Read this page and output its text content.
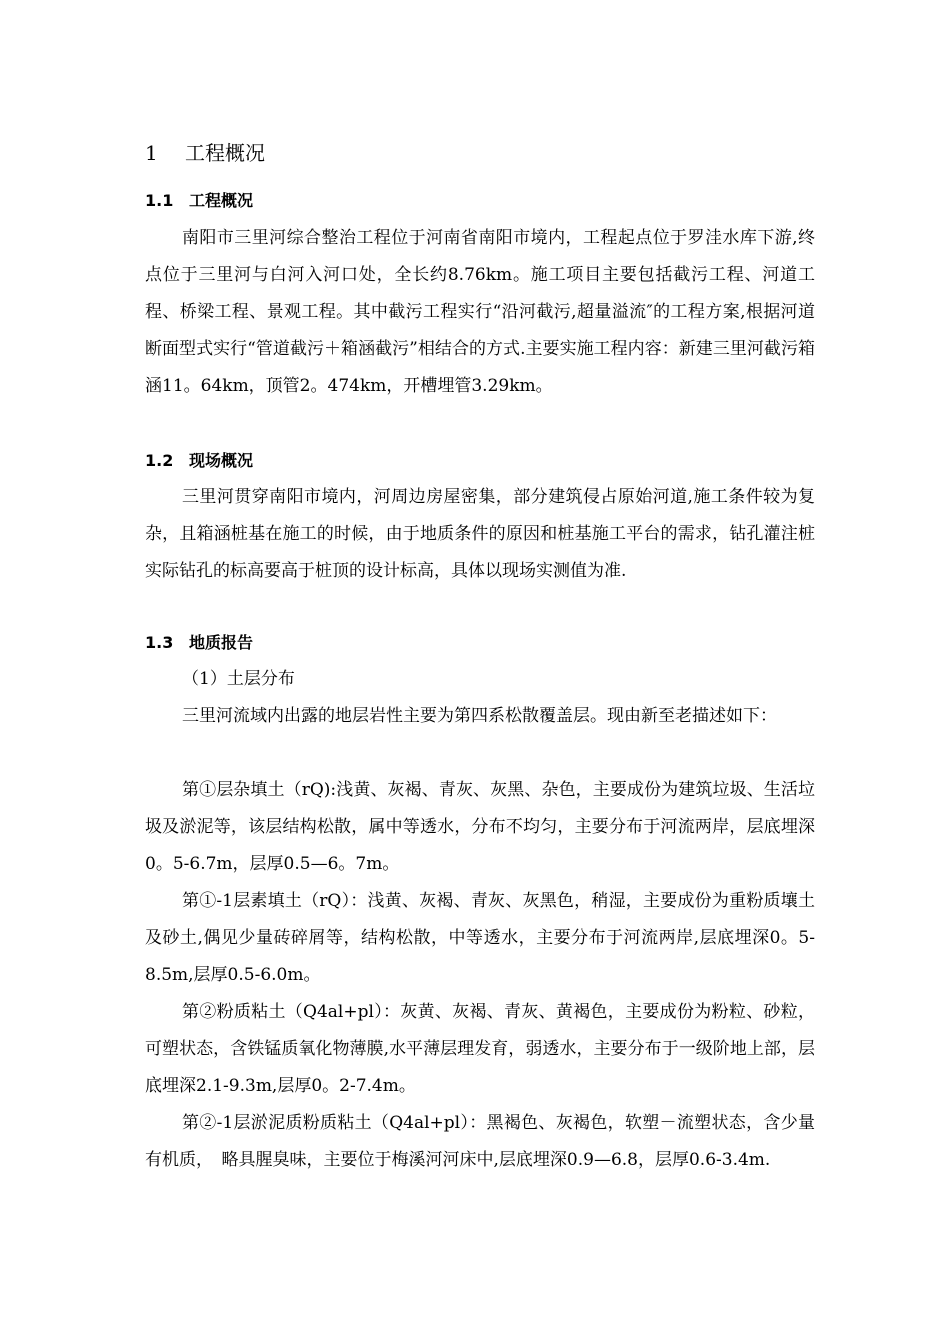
1 工程概况
1.1 工程概况

南阳市三里河综合整治工程位于河南省南阳市境内，工程起点位于罗洼水库下游,终点位于三里河与白河入河口处，全长约8.76km。施工项目主要包括截污工程、河道工程、桥梁工程、景观工程。其中截污工程实行“沿河截污,超量溢流″的工程方案,根据河道断面型式实行“管道截污＋箱涵截污”相结合的方式.主要实施工程内容：新建三里河截污箱涵11。64km，顶管2。474km，开槽埋管3.29km。

1.2 现场概况

三里河贯穿南阳市境内，河周边房屋密集，部分建筑侵占原始河道,施工条件较为复杂，且箱涵桩基在施工的时候，由于地质条件的原因和桩基施工平台的需求，钻孔灌注桩实际钻孔的标高要高于桩顶的设计标高，具体以现场实测值为准.

1.3 地质报告

（1）土层分布

三里河流域内出露的地层岩性主要为第四系松散覆盖层。现由新至老描述如下：

第①层杂填土（rQ):浅黄、灰褐、青灰、灰黑、杂色，主要成份为建筑垃圾、生活垃圾及淤泥等，该层结构松散，属中等透水，分布不均匀，主要分布于河流两岸，层底埋深0。5-6.7m，层厚0.5—6。7m。

第①-1层素填土（rQ）：浅黄、灰褐、青灰、灰黑色，稍湿，主要成份为重粉质壤土及砂土,偶见少量砖碎屑等，结构松散，中等透水，主要分布于河流两岸,层底埋深0。5-8.5m,层厚0.5-6.0m。

第②粉质粘土（Q4al+pl）：灰黄、灰褐、青灰、黄褐色，主要成份为粉粒、砂粒，可塑状态，含铁锰质氧化物薄膜,水平薄层理发育，弱透水，主要分布于一级阶地上部，层底埋深2.1-9.3m,层厚0。2-7.4m。

第②-1层淤泥质粉质粘土（Q4al+pl）：黑褐色、灰褐色，软塑－流塑状态，含少量有机质，　略具腥臭味，主要位于梅溪河河床中,层底埋深0.9—6.8，层厚0.6-3.4m.
